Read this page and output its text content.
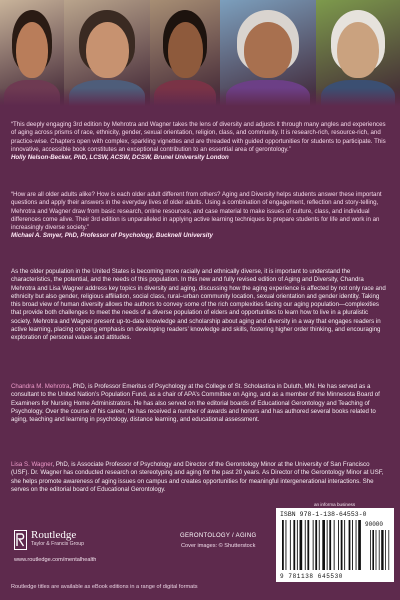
“This deeply engaging 3rd edition by Mehrotra and Wagner takes the lens of diversity and adjusts it through many angles and experiences of aging across prisms of race, ethnicity, gender, sexual orientation, religion, class, and community. It is research-rich, resource-rich, and practice-wise. Chapters open with complex, sparkling vignettes and are threaded with guided opportunities for students to participate. This innovative, accessible book constitutes an exceptional contribution to an essential area of gerontology.”
Holly Nelson-Becker, PhD, LCSW, ACSW, DCSW, Brunel University London
“How are all older adults alike? How is each older adult different from others? Aging and Diversity helps students answer these important questions and apply their answers in the everyday lives of older adults. Using a combination of engagement, reflection and story-telling, Mehrotra and Wagner draw from basic research, online resources, and case material to make issues of culture, class, and individual differences come alive. Their 3rd edition is unparalleled in applying active learning techniques to prepare students for life and work in an increasingly diverse society.”
Michael A. Smyer, PhD, Professor of Psychology, Bucknell University
As the older population in the United States is becoming more racially and ethnically diverse, it is important to understand the characteristics, the potential, and the needs of this population. In this new and fully revised edition of Aging and Diversity, Chandra Mehrotra and Lisa Wagner address key topics in diversity and aging, discussing how the aging experience is affected by not only race and ethnicity but also gender, religious affiliation, social class, rural–urban community location, sexual orientation and gender identity. Taking this broad view of human diversity allows the authors to convey some of the rich complexities facing our aging population—complexities that provide both challenges to meet the needs of a diverse population of elders and opportunities to learn how to live in a pluralistic society. Mehrotra and Wagner present up-to-date knowledge and scholarship about aging and diversity in a way that engages readers in active learning, placing ongoing emphasis on developing readers’ knowledge and skills, fostering higher order thinking, and encouraging exploration of personal values and attitudes.
Chandra M. Mehrotra, PhD, is Professor Emeritus of Psychology at the College of St. Scholastica in Duluth, MN. He has served as a consultant to the United Nation’s Population Fund, as a chair of APA’s Committee on Aging, and as a member of the Minnesota Board of Examiners for Nursing Home Administrators. He has also served on the editorial boards of Educational Gerontology and Teaching of Psychology. Over the course of his career, he has received a number of awards and honors and has authored several books related to aging, teaching and learning in psychology, distance learning, and educational assessment.
Lisa S. Wagner, PhD, is Associate Professor of Psychology and Director of the Gerontology Minor at the University of San Francisco (USF). Dr. Wagner has conducted research on stereotyping and aging for the past 20 years. As Director of the Gerontology Minor at USF, she helps promote awareness of aging issues on campus and creates opportunities for meaningful intergenerational interactions. She serves on the editorial board of Educational Gerontology.
Routledge
Taylor & Francis Group
www.routledge.com/mentalhealth
GERONTOLOGY / AGING
Cover images: © Shutterstock
an informa business
ISBN 978-1-138-64553-0
9 781138 645530
90000
Routledge titles are available as eBook editions in a range of digital formats
